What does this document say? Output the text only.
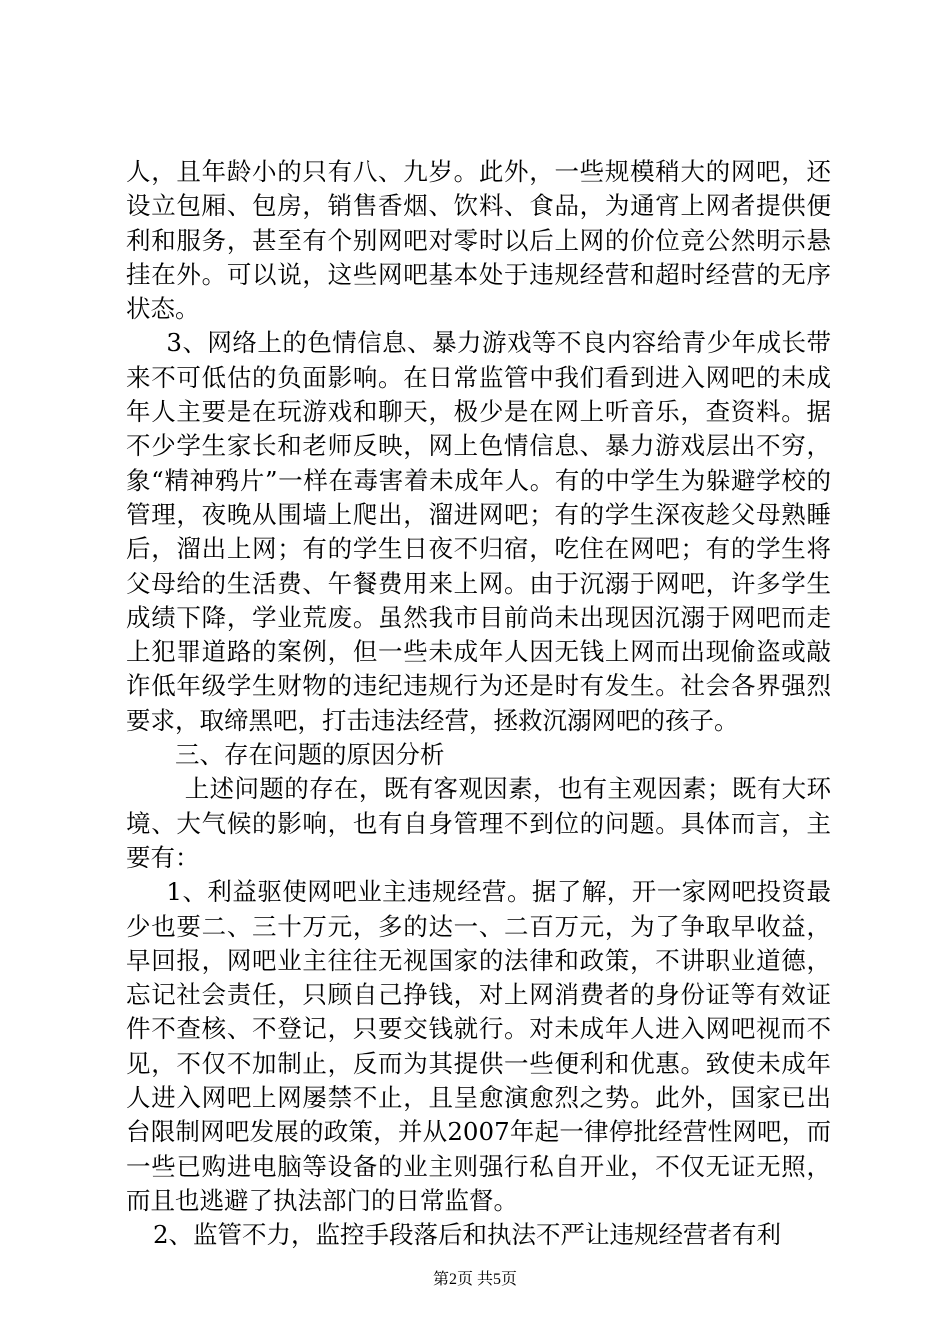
人，且年龄小的只有八、九岁。此外，一些规模稍大的网吧，还设立包厢、包房，销售香烟、饮料、食品，为通宵上网者提供便利和服务，甚至有个别网吧对零时以后上网的价位竞公然明示悬挂在外。可以说，这些网吧基本处于违规经营和超时经营的无序状态。

3、网络上的色情信息、暴力游戏等不良内容给青少年成长带来不可低估的负面影响。在日常监管中我们看到进入网吧的未成年人主要是在玩游戏和聊天，极少是在网上听音乐，查资料。据不少学生家长和老师反映，网上色情信息、暴力游戏层出不穷，象“精神鸦片”一样在毒害着未成年人。有的中学生为躲避学校的管理，夜晚从围墙上爬出，溜进网吧；有的学生深夜趁父母熟睡后，溜出上网；有的学生日夜不归宿，吃住在网吧；有的学生将父母给的生活费、午餐费用来上网。由于沉溺于网吧，许多学生成绩下降，学业荒废。虽然我市目前尚未出现因沉溺于网吧而走上犯罪道路的案例，但一些未成年人因无钱上网而出现偷盗或敲诈低年级学生财物的违纪违规行为还是时有发生。社会各界强烈要求，取缔黑吧，打击违法经营，拯救沉溺网吧的孩子。

三、存在问题的原因分析

上述问题的存在，既有客观因素，也有主观因素；既有大环境、大气候的影响，也有自身管理不到位的问题。具体而言，主要有：

1、利益驱使网吧业主违规经营。据了解，开一家网吧投资最少也要二、三十万元，多的达一、二百万元，为了争取早收益，早回报，网吧业主往往无视国家的法律和政策，不讲职业道德，忘记社会责任，只顾自己挣钱，对上网消费者的身份证等有效证件不查核、不登记，只要交钱就行。对未成年人进入网吧视而不见，不仅不加制止，反而为其提供一些便利和优惠。致使未成年人进入网吧上网屡禁不止，且呈愈演愈烈之势。此外，国家已出台限制网吧发展的政策，并从2007年起一律停批经营性网吧，而一些已购进电脑等设备的业主则强行私自开业，不仅无证无照，而且也逃避了执法部门的日常监督。

2、监管不力，监控手段落后和执法不严让违规经营者有利

第2页 共5页
